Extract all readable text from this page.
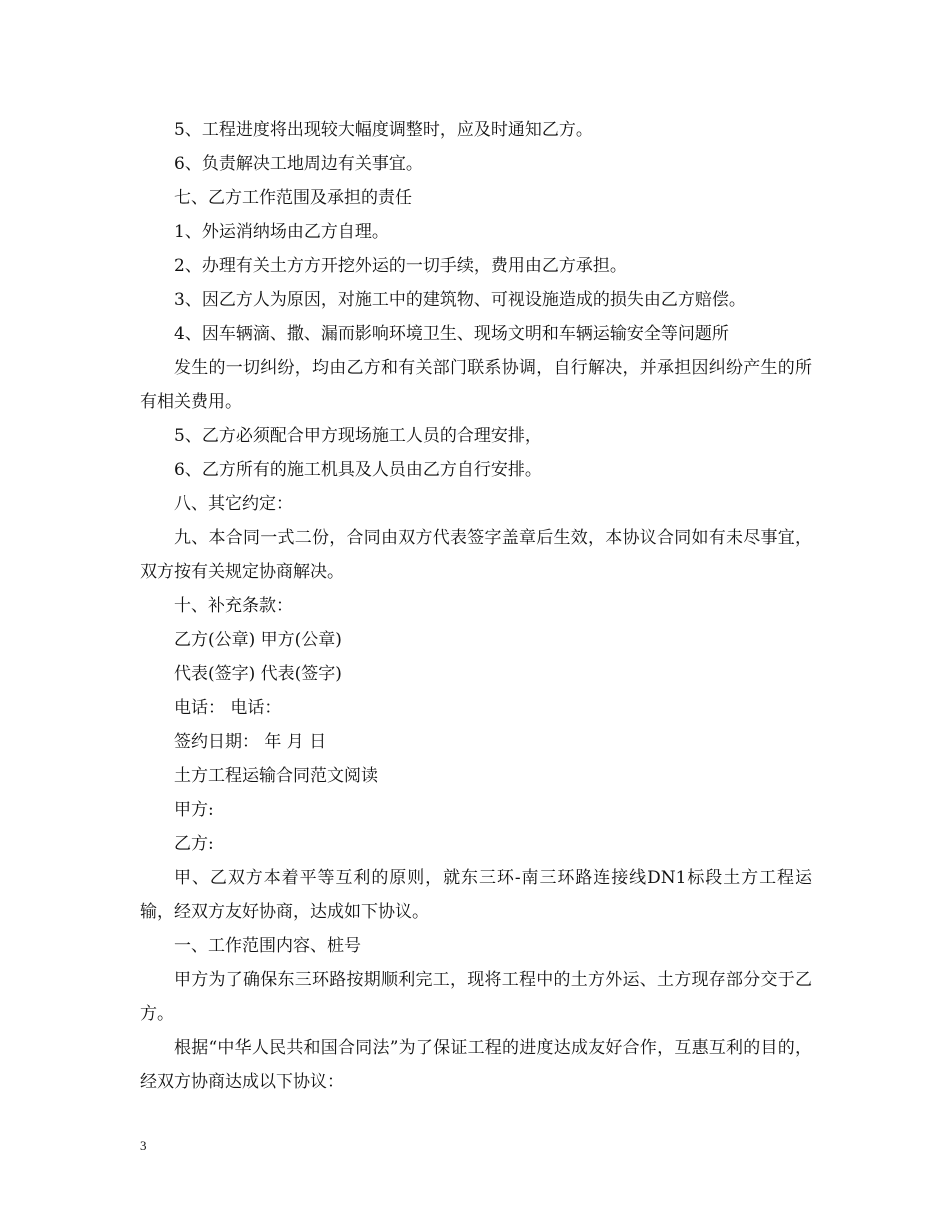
5、工程进度将出现较大幅度调整时，应及时通知乙方。

6、负责解决工地周边有关事宜。

七、乙方工作范围及承担的责任

1、外运消纳场由乙方自理。

2、办理有关土方方开挖外运的一切手续，费用由乙方承担。

3、因乙方人为原因，对施工中的建筑物、可视设施造成的损失由乙方赔偿。

4、因车辆滴、撒、漏而影响环境卫生、现场文明和车辆运输安全等问题所

发生的一切纠纷，均由乙方和有关部门联系协调，自行解决，并承担因纠纷产生的所有相关费用。

5、乙方必须配合甲方现场施工人员的合理安排，

6、乙方所有的施工机具及人员由乙方自行安排。

八、其它约定：

九、本合同一式二份，合同由双方代表签字盖章后生效，本协议合同如有未尽事宜，双方按有关规定协商解决。

十、补充条款：

乙方(公章) 甲方(公章)

代表(签字) 代表(签字)

电话： 电话：

签约日期： 年 月 日

土方工程运输合同范文阅读

甲方:

乙方:

甲、乙双方本着平等互利的原则，就东三环-南三环路连接线DN1标段土方工程运输，经双方友好协商，达成如下协议。

一、工作范围内容、桩号

甲方为了确保东三环路按期顺利完工，现将工程中的土方外运、土方现存部分交于乙方。

根据“中华人民共和国合同法”为了保证工程的进度达成友好合作，互惠互利的目的，经双方协商达成以下协议：

3
